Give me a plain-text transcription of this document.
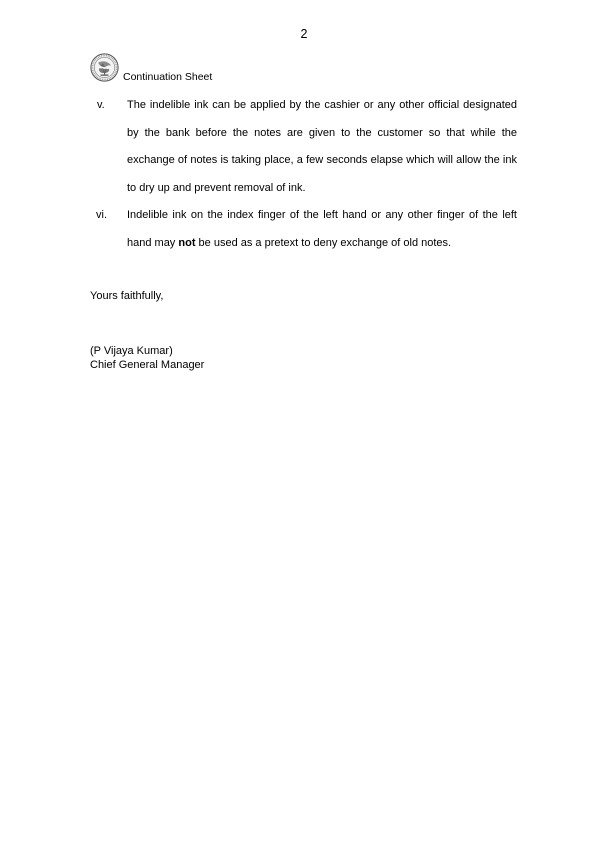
2
Continuation Sheet
v. The indelible ink can be applied by the cashier or any other official designated by the bank before the notes are given to the customer so that while the exchange of notes is taking place, a few seconds elapse which will allow the ink to dry up and prevent removal of ink.
vi. Indelible ink on the index finger of the left hand or any other finger of the left hand may not be used as a pretext to deny exchange of old notes.
Yours faithfully,
(P Vijaya Kumar)
Chief General Manager
